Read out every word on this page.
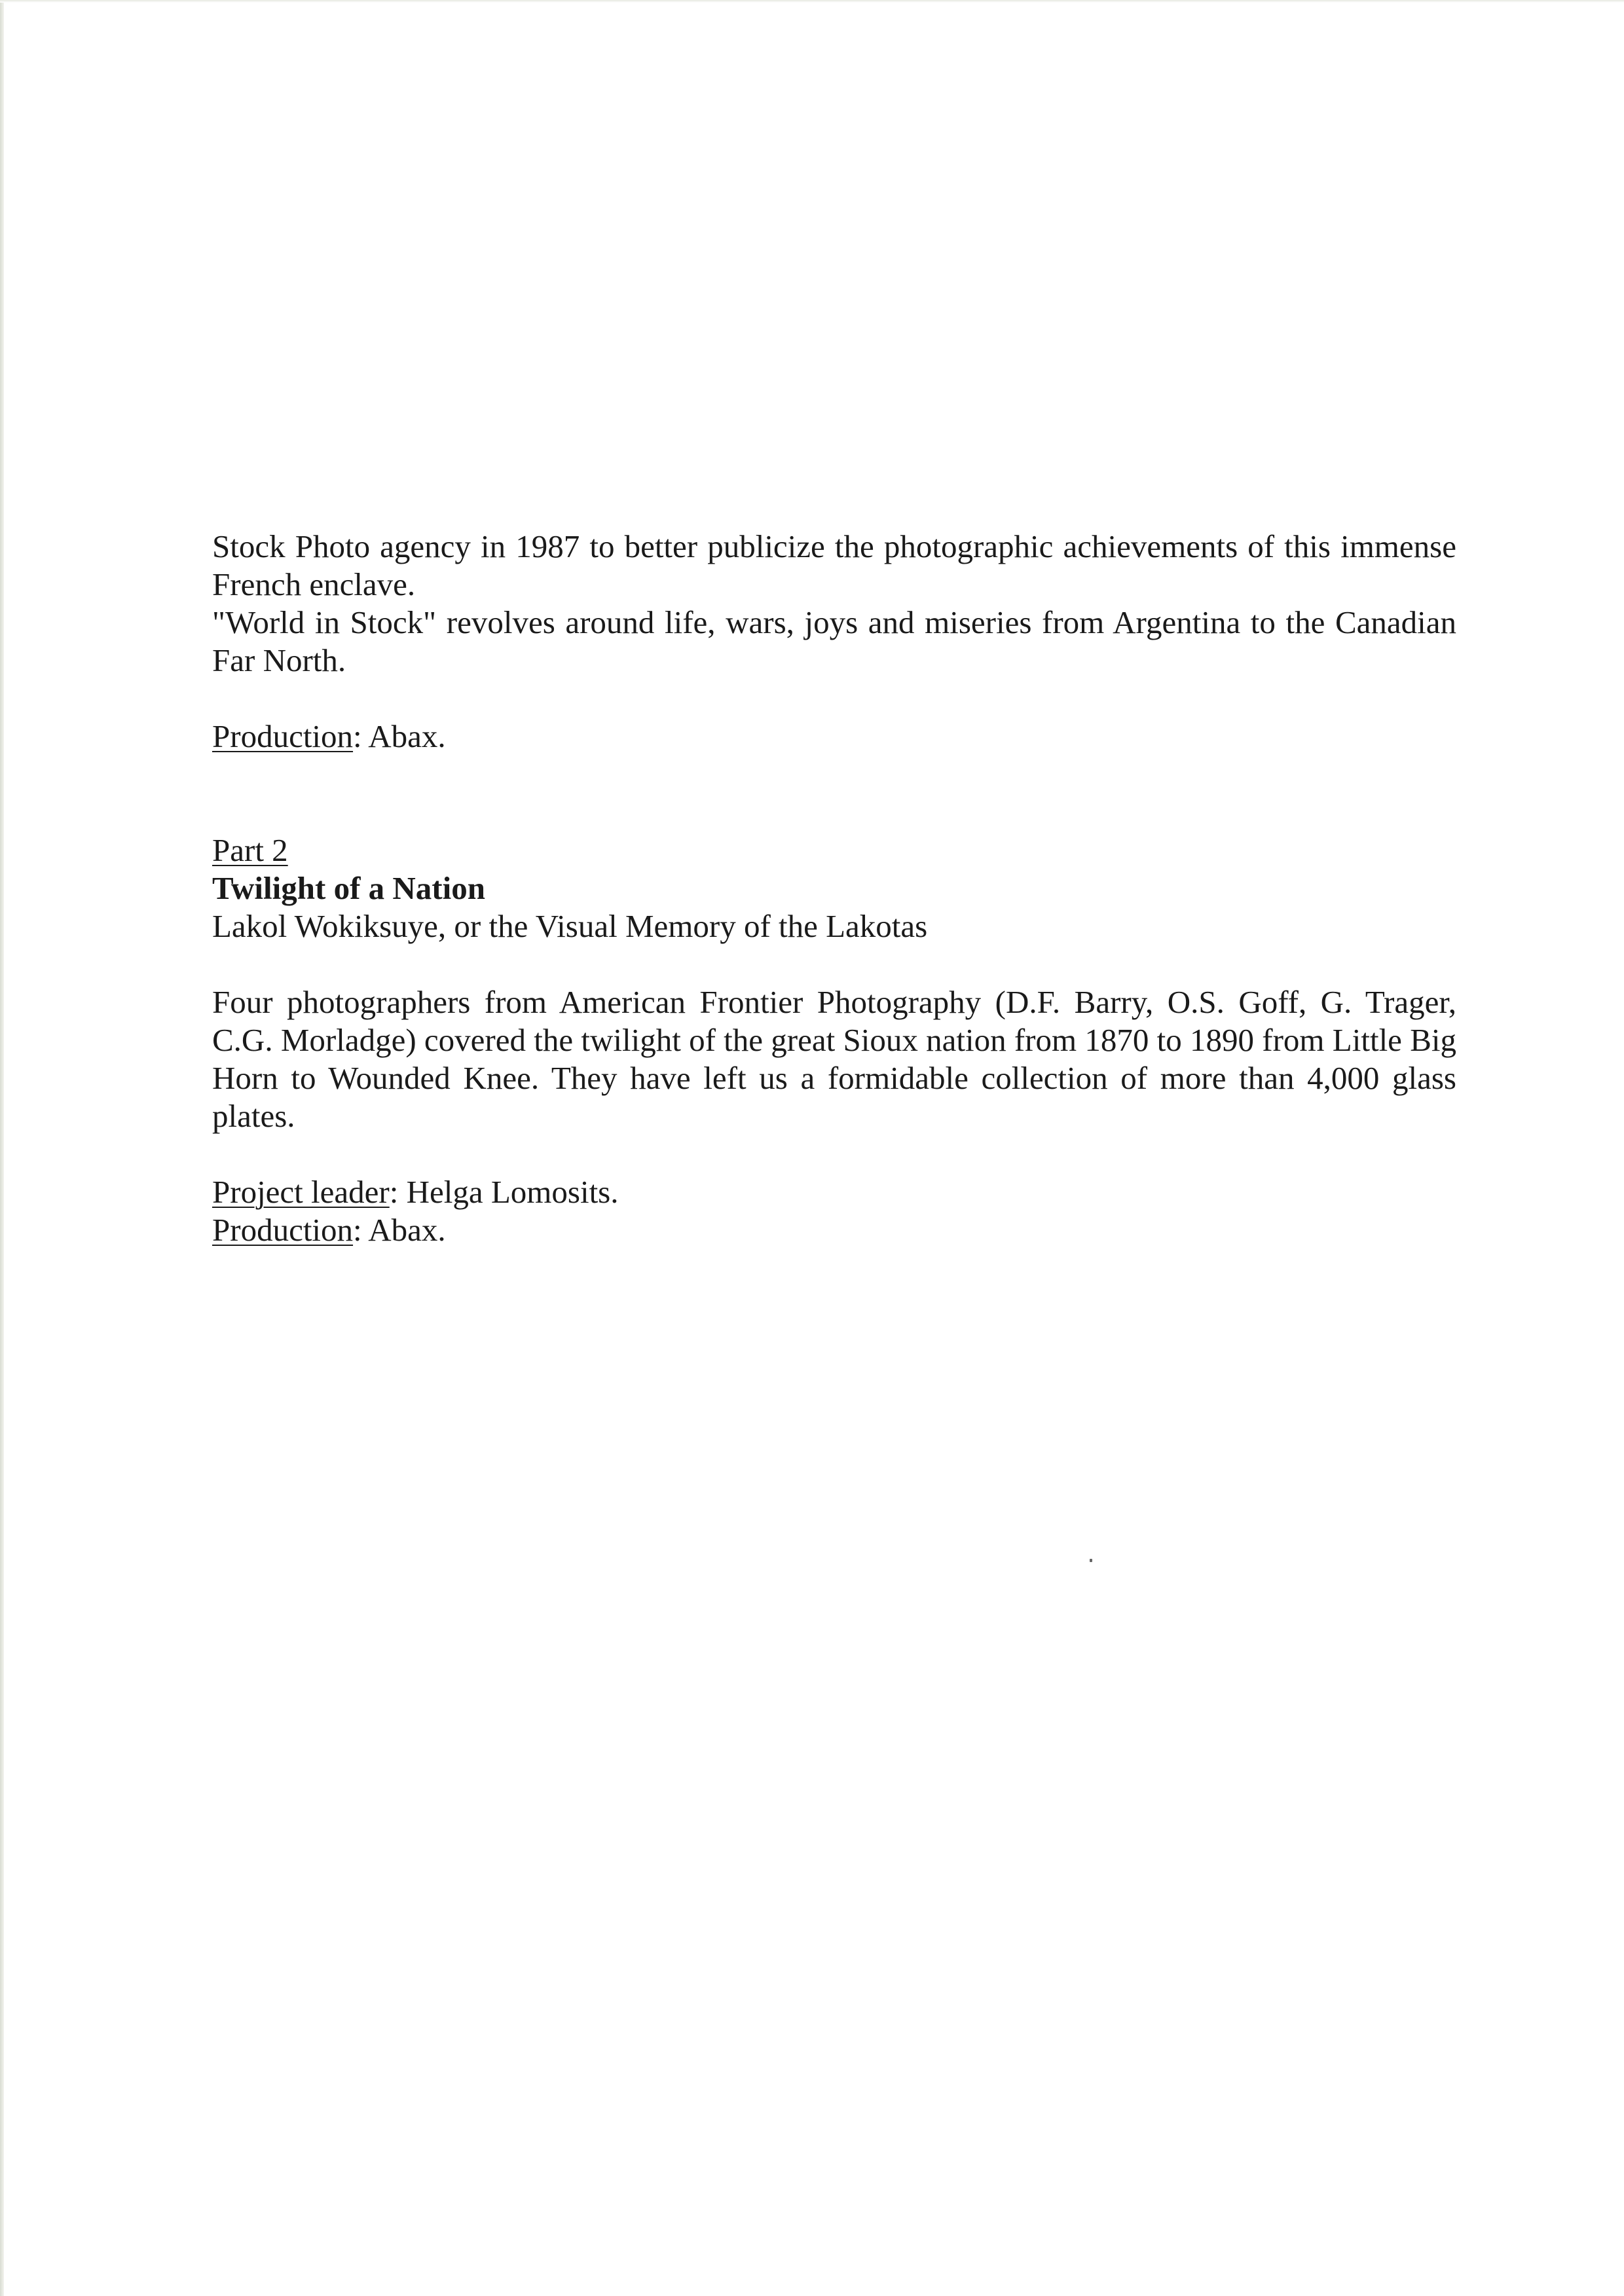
Stock Photo agency in 1987 to better publicize the photographic achievements of this immense French enclave.

"World in Stock" revolves around life, wars, joys and miseries from Argentina to the Canadian Far North.

Production: Abax.

Part 2

Twilight of a Nation

Lakol Wokiksuye, or the Visual Memory of the Lakotas

Four photographers from American Frontier Photography (D.F. Barry, O.S. Goff, G. Trager, C.G. Morladge) covered the twilight of the great Sioux nation from 1870 to 1890 from Little Big Horn to Wounded Knee. They have left us a formidable collection of more than 4,000 glass plates.

Project leader: Helga Lomosits.

Production: Abax.
